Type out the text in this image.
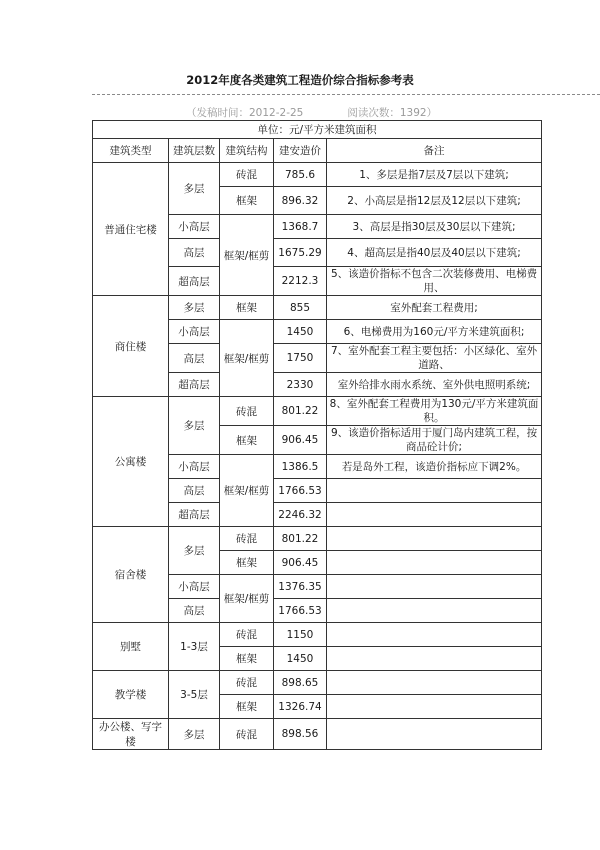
2012年度各类建筑工程造价综合指标参考表
（发稿时间：2012-2-25	阅读次数：1392）
单位：元/平方米建筑面积				
建筑类型	建筑层数	建筑结构	建安造价	备注
普通住宅楼	多层	砖混	785.6	1、多层是指7层及7层以下建筑;
		框架	896.32	2、小高层是指12层及12层以下建筑;
	小高层	框架/框剪	1368.7	3、高层是指30层及30层以下建筑;
	高层		1675.29	4、超高层是指40层及40层以下建筑;
	超高层		2212.3	5、该造价指标不包含二次装修费用、电梯费用、
商住楼	多层	框架	855	室外配套工程费用;
	小高层	框架/框剪	1450	6、电梯费用为160元/平方米建筑面积;
	高层		1750	7、室外配套工程主要包括：小区绿化、室外道路、
	超高层		2330	室外给排水雨水系统、室外供电照明系统;
公寓楼	多层	砖混	801.22	8、室外配套工程费用为130元/平方米建筑面积。
		框架	906.45	9、该造价指标适用于厦门岛内建筑工程，按商品砼计价;
	小高层	框架/框剪	1386.5	若是岛外工程，该造价指标应下调2%。
	高层		1766.53	
	超高层		2246.32	
宿舍楼	多层	砖混	801.22	
		框架	906.45	
	小高层	框架/框剪	1376.35	
	高层		1766.53	
别墅	1-3层	砖混	1150	
		框架	1450	
教学楼	3-5层	砖混	898.65	
		框架	1326.74	
办公楼、写字楼	多层	砖混	898.56	
